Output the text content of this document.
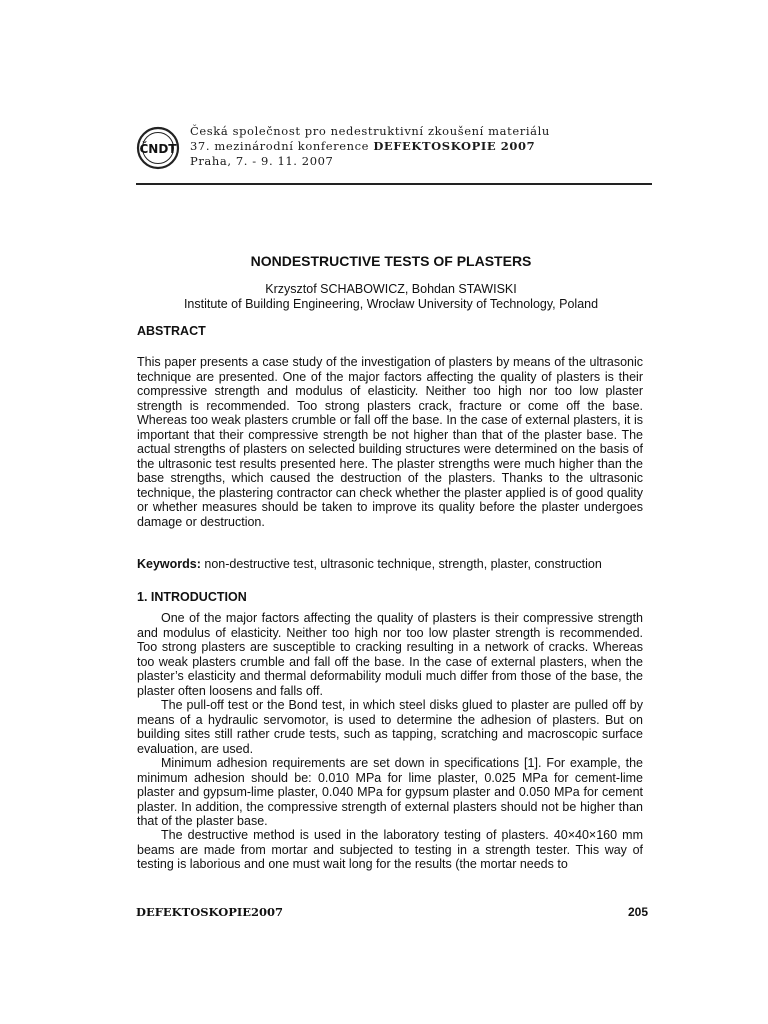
ČNDT
Česká společnost pro nedestruktivní zkoušení materiálu
37. mezinárodní konference DEFEKTOSKOPIE 2007
Praha, 7. - 9. 11. 2007
NONDESTRUCTIVE TESTS OF PLASTERS
Krzysztof SCHABOWICZ, Bohdan STAWISKI
Institute of Building Engineering, Wrocław University of Technology, Poland
ABSTRACT

This paper presents a case study of the investigation of plasters by means of the ultrasonic technique are presented. One of the major factors affecting the quality of plasters is their compressive strength and modulus of elasticity. Neither too high nor too low plaster strength is recommended. Too strong plasters crack, fracture or come off the base. Whereas too weak plasters crumble or fall off the base. In the case of external plasters, it is important that their compressive strength be not higher than that of the plaster base. The actual strengths of plasters on selected building structures were determined on the basis of the ultrasonic test results presented here. The plaster strengths were much higher than the base strengths, which caused the destruction of the plasters. Thanks to the ultrasonic technique, the plastering contractor can check whether the plaster applied is of good quality or whether measures should be taken to improve its quality before the plaster undergoes damage or destruction.

Keywords: non-destructive test, ultrasonic technique, strength, plaster, construction

1. INTRODUCTION

One of the major factors affecting the quality of plasters is their compressive strength and modulus of elasticity. Neither too high nor too low plaster strength is recommended. Too strong plasters are susceptible to cracking resulting in a network of cracks. Whereas too weak plasters crumble and fall off the base. In the case of external plasters, when the plaster’s elasticity and thermal deformability moduli much differ from those of the base, the plaster often loosens and falls off.

The pull-off test or the Bond test, in which steel disks glued to plaster are pulled off by means of a hydraulic servomotor, is used to determine the adhesion of plasters. But on building sites still rather crude tests, such as tapping, scratching and macroscopic surface evaluation, are used.

Minimum adhesion requirements are set down in specifications [1]. For example, the minimum adhesion should be: 0.010 MPa for lime plaster, 0.025 MPa for cement-lime plaster and gypsum-lime plaster, 0.040 MPa for gypsum plaster and 0.050 MPa for cement plaster. In addition, the compressive strength of external plasters should not be higher than that of the plaster base.

The destructive method is used in the laboratory testing of plasters. 40×40×160 mm beams are made from mortar and subjected to testing in a strength tester. This way of testing is laborious and one must wait long for the results (the mortar needs to

DEFEKTOSKOPIE2007	205
